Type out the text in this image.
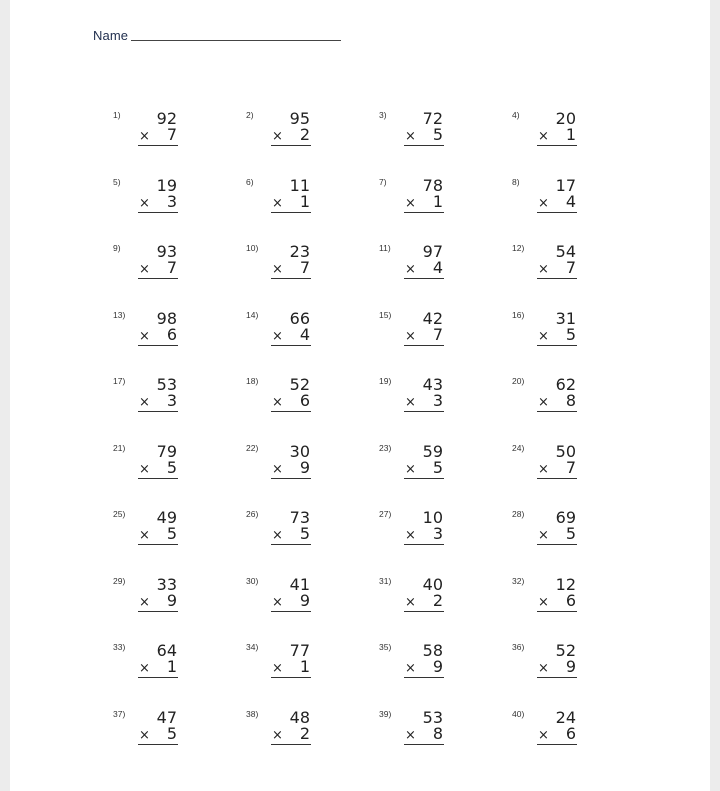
Name
1)	92
× 7
2)	95
× 2
3)	72
× 5
4)	20
× 1
5)	19
× 3
6)	11
× 1
7)	78
× 1
8)	17
× 4
9)	93
× 7
10)	23
× 7
11)	97
× 4
12)	54
× 7
13)	98
× 6
14)	66
× 4
15)	42
× 7
16)	31
× 5
17)	53
× 3
18)	52
× 6
19)	43
× 3
20)	62
× 8
21)	79
× 5
22)	30
× 9
23)	59
× 5
24)	50
× 7
25)	49
× 5
26)	73
× 5
27)	10
× 3
28)	69
× 5
29)	33
× 9
30)	41
× 9
31)	40
× 2
32)	12
× 6
33)	64
× 1
34)	77
× 1
35)	58
× 9
36)	52
× 9
37)	47
× 5
38)	48
× 2
39)	53
× 8
40)	24
× 6
